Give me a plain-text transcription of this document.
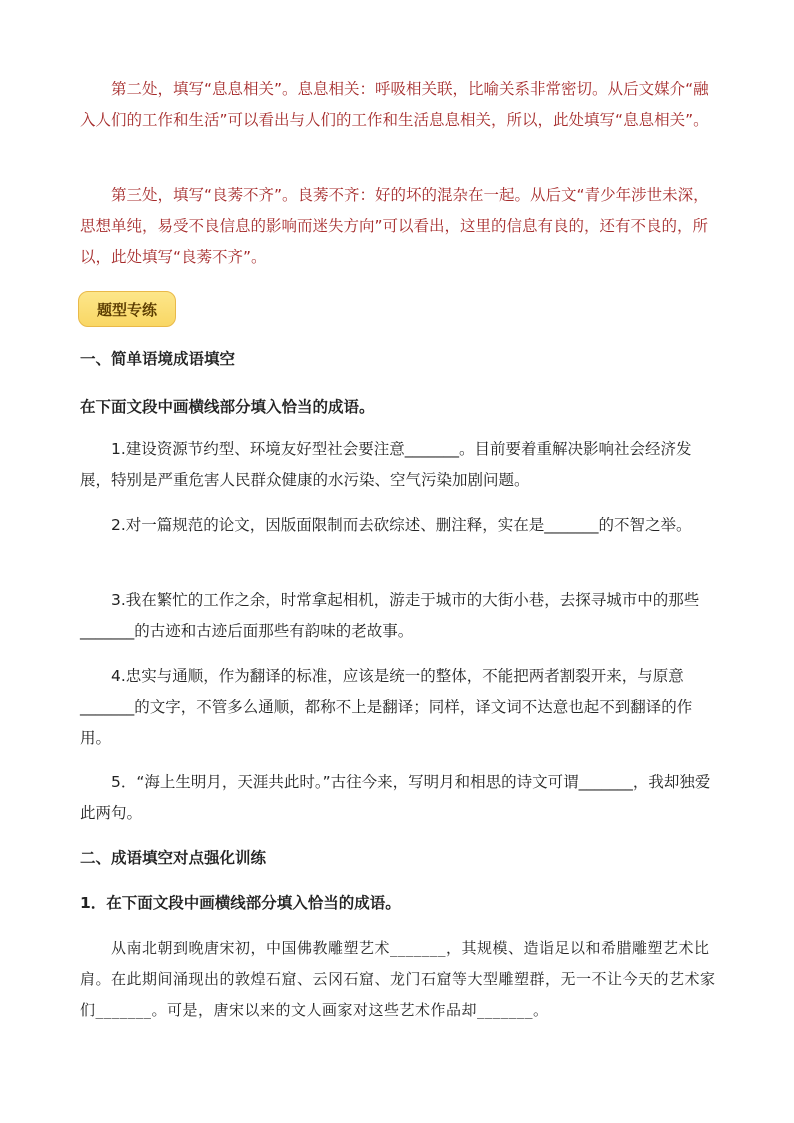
第二处，填写“息息相关”。息息相关：呼吸相关联，比喻关系非常密切。从后文媒介“融入人们的工作和生活”可以看出与人们的工作和生活息息相关，所以，此处填写“息息相关”。

第三处，填写“良莠不齐”。良莠不齐：好的坏的混杂在一起。从后文“青少年涉世未深，思想单纯，易受不良信息的影响而迷失方向”可以看出，这里的信息有良的，还有不良的，所以，此处填写“良莠不齐”。

题型专练

一、简单语境成语填空

在下面文段中画横线部分填入恰当的成语。

1.建设资源节约型、环境友好型社会要注意_______。目前要着重解决影响社会经济发展，特别是严重危害人民群众健康的水污染、空气污染加剧问题。

2.对一篇规范的论文，因版面限制而去砍综述、删注释，实在是_______的不智之举。

3.我在繁忙的工作之余，时常拿起相机，游走于城市的大街小巷，去探寻城市中的那些_______的古迹和古迹后面那些有韵味的老故事。

4.忠实与通顺，作为翻译的标准，应该是统一的整体，不能把两者割裂开来，与原意_______的文字，不管多么通顺，都称不上是翻译；同样，译文词不达意也起不到翻译的作用。

5．“海上生明月，天涯共此时。”古往今来，写明月和相思的诗文可谓_______，我却独爱此两句。

二、成语填空对点强化训练

1．在下面文段中画横线部分填入恰当的成语。

从南北朝到晚唐宋初，中国佛教雕塑艺术_______，其规模、造诣足以和希腊雕塑艺术比肩。在此期间涌现出的敦煌石窟、云冈石窟、龙门石窟等大型雕塑群，无一不让今天的艺术家们_______。可是，唐宋以来的文人画家对这些艺术作品却_______。
